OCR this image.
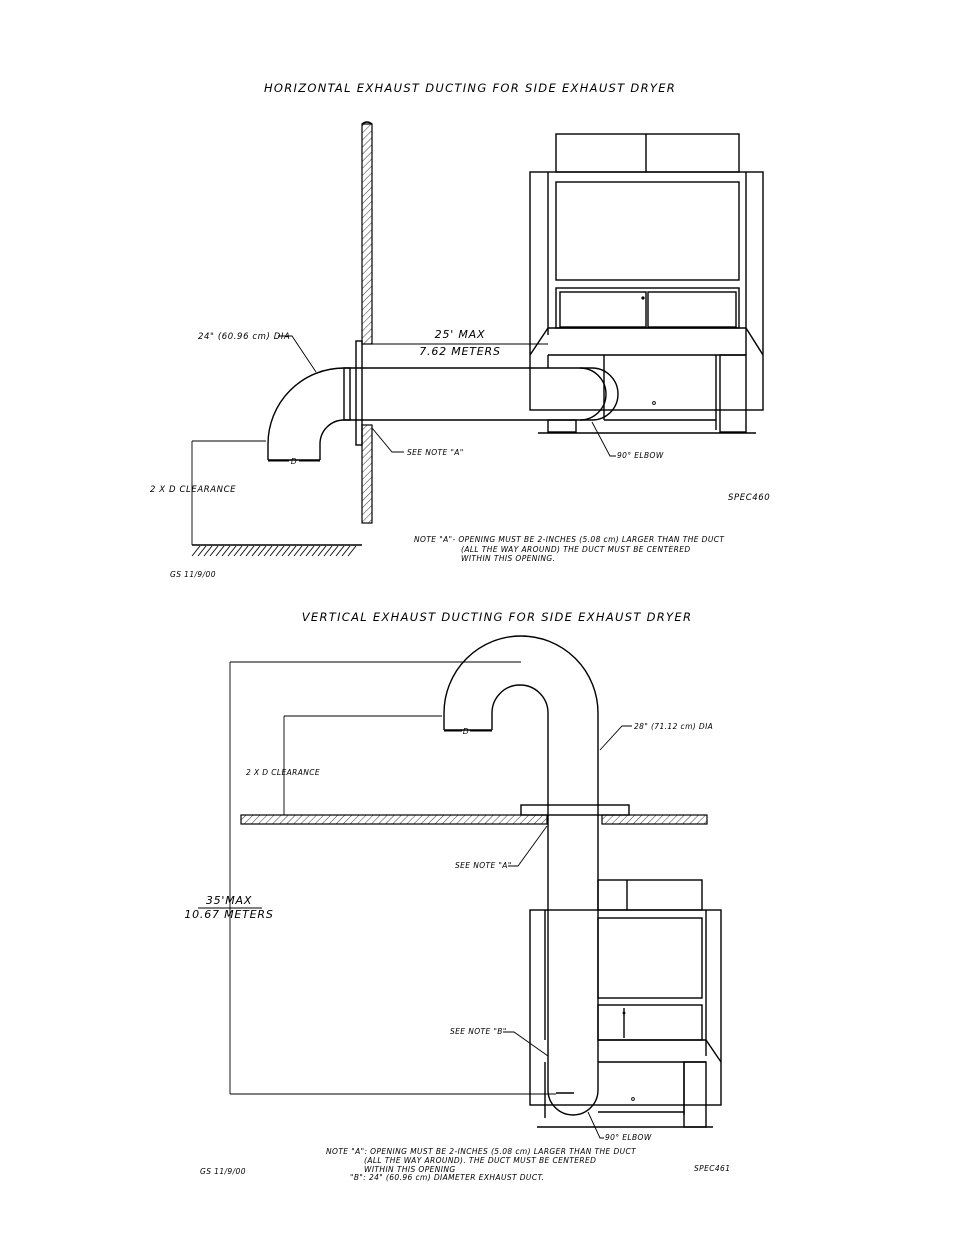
HORIZONTAL EXHAUST DUCTING FOR SIDE EXHAUST DRYER
D
2 X D CLEARANCE
24" (60.96 cm) DIA	25' MAX
7.62 METERS
SEE NOTE "A"	90° ELBOW
SPEC460
NOTE "A"- OPENING MUST BE 2-INCHES (5.08 cm) LARGER THAN THE DUCT
(ALL THE WAY AROUND) THE DUCT MUST BE CENTERED
WITHIN THIS OPENING.
GS 11/9/00
VERTICAL EXHAUST DUCTING FOR SIDE EXHAUST DRYER
D
2 X D CLEARANCE
35'MAX
10.67 METERS
28" (71.12 cm) DIA
SEE NOTE "A"
SEE NOTE "B"
90° ELBOW
SPEC461
NOTE "A": OPENING MUST BE 2-INCHES (5.08 cm) LARGER THAN THE DUCT
(ALL THE WAY AROUND). THE DUCT MUST BE CENTERED
WITHIN THIS OPENING
"B": 24" (60.96 cm) DIAMETER EXHAUST DUCT.
GS 11/9/00
